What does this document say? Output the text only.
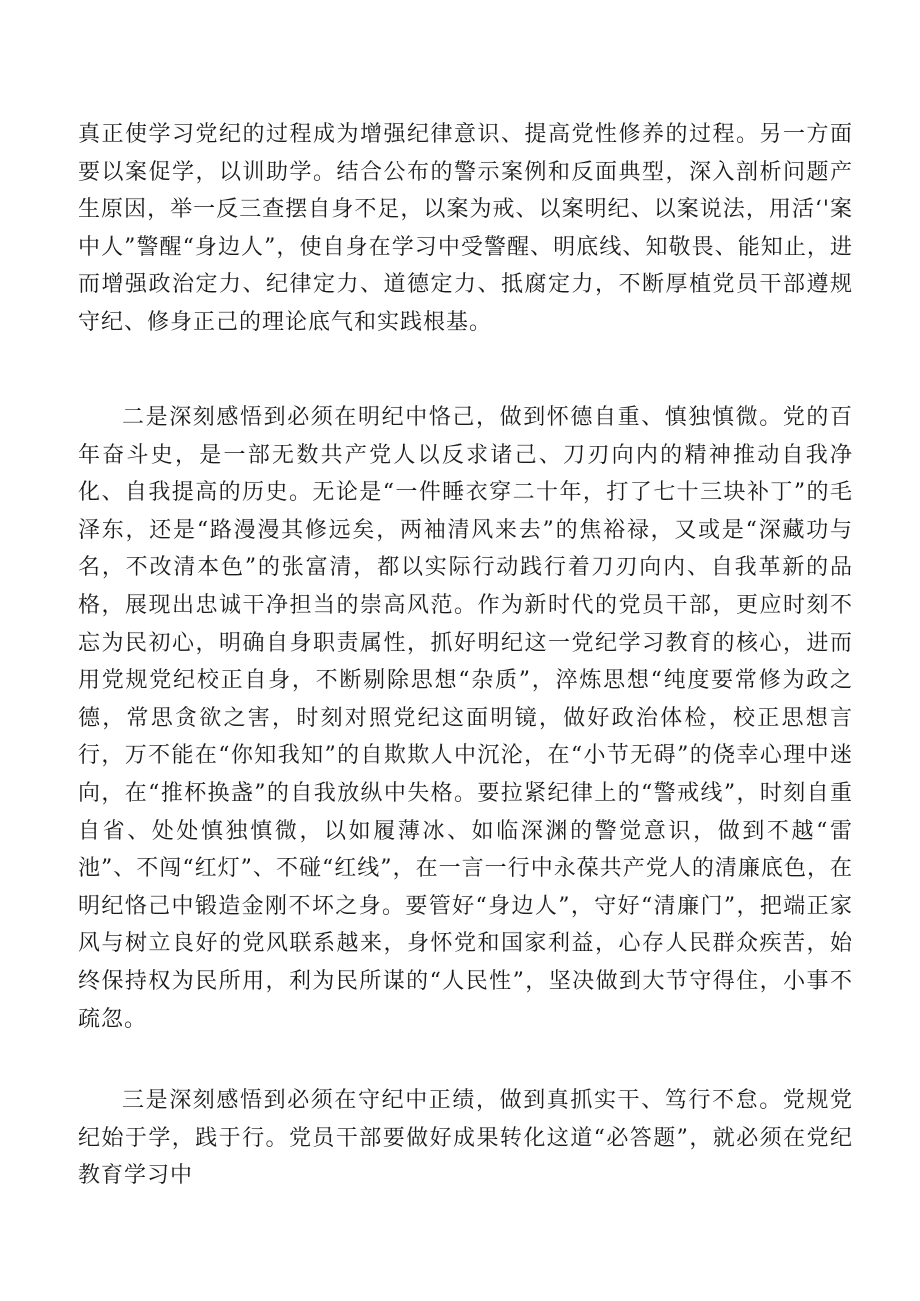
真正使学习党纪的过程成为增强纪律意识、提高党性修养的过程。另一方面要以案促学，以训助学。结合公布的警示案例和反面典型，深入剖析问题产生原因，举一反三查摆自身不足，以案为戒、以案明纪、以案说法，用活‘'案中人”警醒“身边人”，使自身在学习中受警醒、明底线、知敬畏、能知止，进而增强政治定力、纪律定力、道德定力、抵腐定力，不断厚植党员干部遵规守纪、修身正己的理论底气和实践根基。

二是深刻感悟到必须在明纪中恪己，做到怀德自重、慎独慎微。党的百年奋斗史，是一部无数共产党人以反求诸己、刀刃向内的精神推动自我净化、自我提高的历史。无论是“一件睡衣穿二十年，打了七十三块补丁”的毛泽东，还是“路漫漫其修远矣，两袖清风来去”的焦裕禄，又或是“深藏功与名，不改清本色”的张富清，都以实际行动践行着刀刃向内、自我革新的品格，展现出忠诚干净担当的崇高风范。作为新时代的党员干部，更应时刻不忘为民初心，明确自身职责属性，抓好明纪这一党纪学习教育的核心，进而用党规党纪校正自身，不断剔除思想“杂质”，淬炼思想“纯度要常修为政之德，常思贪欲之害，时刻对照党纪这面明镜，做好政治体检，校正思想言行，万不能在“你知我知”的自欺欺人中沉沦，在“小节无碍”的侥幸心理中迷向，在“推杯换盏”的自我放纵中失格。要拉紧纪律上的“警戒线”，时刻自重自省、处处慎独慎微，以如履薄冰、如临深渊的警觉意识，做到不越“雷池”、不闯“红灯”、不碰“红线”，在一言一行中永葆共产党人的清廉底色，在明纪恪己中锻造金刚不坏之身。要管好“身边人”，守好“清廉门”，把端正家风与树立良好的党风联系越来，身怀党和国家利益，心存人民群众疾苦，始终保持权为民所用，利为民所谋的“人民性”，坚决做到大节守得住，小事不疏忽。

三是深刻感悟到必须在守纪中正绩，做到真抓实干、笃行不怠。党规党纪始于学，践于行。党员干部要做好成果转化这道“必答题”，就必须在党纪教育学习中
